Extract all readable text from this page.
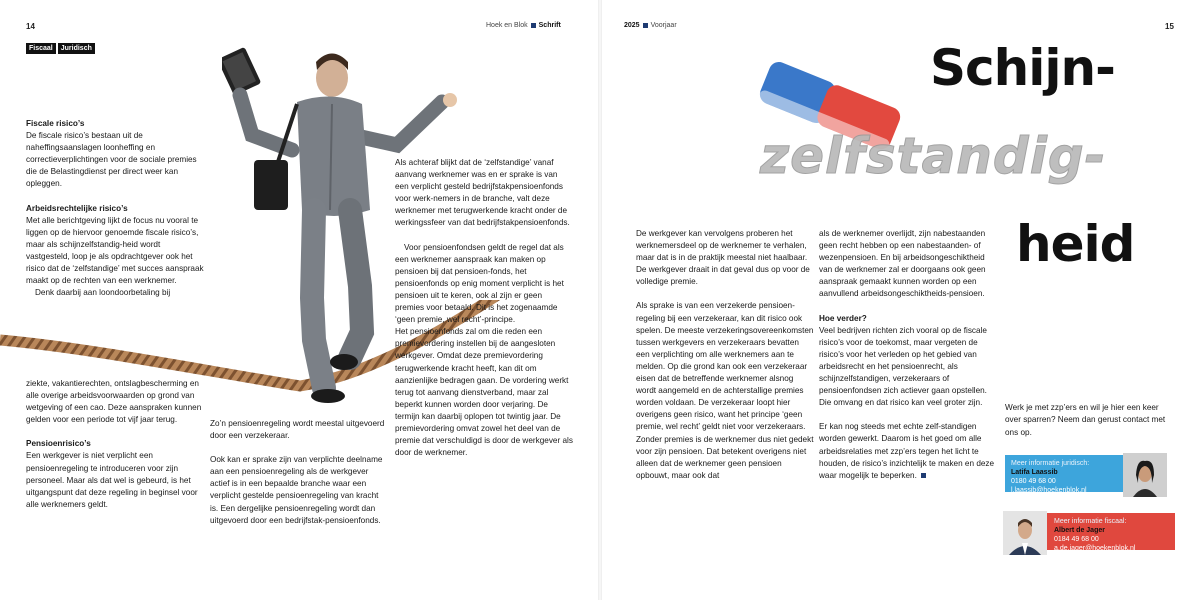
14	Hoek en Blok Schrift
Fiscaal	Juridisch
Fiscale risico’s

De fiscale risico’s bestaan uit de naheffingsaanslagen loonheffing en correctieverplichtingen voor de sociale premies die de Belastingdienst per direct weer kan opleggen.

Arbeidsrechtelijke risico’s

Met alle berichtgeving lijkt de focus nu vooral te liggen op de hiervoor genoemde fiscale risico’s, maar als schijnzelfstandig-heid wordt vastgesteld, loop je als opdrachtgever ook het risico dat de ‘zelfstandige’ met succes aanspraak maakt op de rechten van een werknemer.

Denk daarbij aan loondoorbetaling bij

ziekte, vakantierechten, ontslagbescherming en alle overige arbeidsvoorwaarden op grond van wetgeving of een cao. Deze aanspraken kunnen gelden voor een periode tot vijf jaar terug.

Pensioenrisico’s

Een werkgever is niet verplicht een pensioenregeling te introduceren voor zijn personeel. Maar als dat wel is gebeurd, is het uitgangspunt dat deze regeling in beginsel voor alle werknemers geldt.

Zo’n pensioenregeling wordt meestal uitgevoerd door een verzekeraar.

Ook kan er sprake zijn van verplichte deelname aan een pensioenregeling als de werkgever actief is in een bepaalde branche waar een verplicht gestelde pensioenregeling van kracht is. Een dergelijke pensioenregeling wordt dan uitgevoerd door een bedrijfstak-pensioenfonds.

Als achteraf blijkt dat de ‘zelfstandige’ vanaf aanvang werknemer was en er sprake is van een verplicht gesteld bedrijfstakpensioenfonds voor werk-nemers in de branche, valt deze werknemer met terugwerkende kracht onder de werkingssfeer van dat bedrijfstakpensioenfonds.

Voor pensioenfondsen geldt de regel dat als een werknemer aanspraak kan maken op pensioen bij dat pensioen-fonds, het pensioenfonds op enig moment verplicht is het pensioen uit te keren, ook al zijn er geen premies voor betaald. Dit is het zogenaamde ‘geen premie, wel recht’-principe.

Het pensioenfonds zal om die reden een premievordering instellen bij de aangesloten werkgever. Omdat deze premievordering terugwerkende kracht heeft, kan dit om aanzienlijke bedragen gaan. De vordering werkt terug tot aanvang dienstverband, maar zal beperkt kunnen worden door verjaring. De termijn kan daarbij oplopen tot twintig jaar. De premievordering omvat zowel het deel van de premie dat verschuldigd is door de werkgever als door de werknemer.

2025 Voorjaar	15
Schijn-
zelfstandig-
heid

De werkgever kan vervolgens proberen het werknemersdeel op de werknemer te verhalen, maar dat is in de praktijk meestal niet haalbaar. De werkgever draait in dat geval dus op voor de volledige premie.

Als sprake is van een verzekerde pensioen-regeling bij een verzekeraar, kan dit risico ook spelen. De meeste verzekeringsovereenkomsten tussen werkgevers en verzekeraars bevatten een verplichting om alle werknemers aan te melden. Op die grond kan ook een verzekeraar eisen dat de betreffende werknemer alsnog wordt aangemeld en de achterstallige premies worden voldaan. De verzekeraar loopt hier overigens geen risico, want het principe ‘geen premie, wel recht’ geldt niet voor verzekeraars. Zonder premies is de werknemer dus niet gedekt voor zijn pensioen. Dat betekent overigens niet alleen dat de werknemer geen pensioen opbouwt, maar ook dat

als de werknemer overlijdt, zijn nabestaanden geen recht hebben op een nabestaanden- of wezenpensioen. En bij arbeidsongeschiktheid van de werknemer zal er doorgaans ook geen aanspraak gemaakt kunnen worden op een aanvullend arbeidsongeschiktheids-pensioen.

Hoe verder?

Veel bedrijven richten zich vooral op de fiscale risico’s voor de toekomst, maar vergeten de risico’s voor het verleden op het gebied van arbeidsrecht en het pensioenrecht, als schijnzelfstandigen, verzekeraars of pensioenfondsen zich actiever gaan opstellen. Die omvang en dat risico kan veel groter zijn.

Er kan nog steeds met echte zelf-standigen worden gewerkt. Daarom is het goed om alle arbeidsrelaties met zzp’ers tegen het licht te houden, de risico’s inzichtelijk te maken en deze waar mogelijk te beperken.

Werk je met zzp’ers en wil je hier een keer over sparren? Neem dan gerust contact met ons op.
Meer informatie juridisch:
Latifa Laassib
0180 49 68 00
l.laassib@hoekenblok.nl
Meer informatie fiscaal:
Albert de Jager
0184 49 68 00
a.de.jager@hoekenblok.nl
